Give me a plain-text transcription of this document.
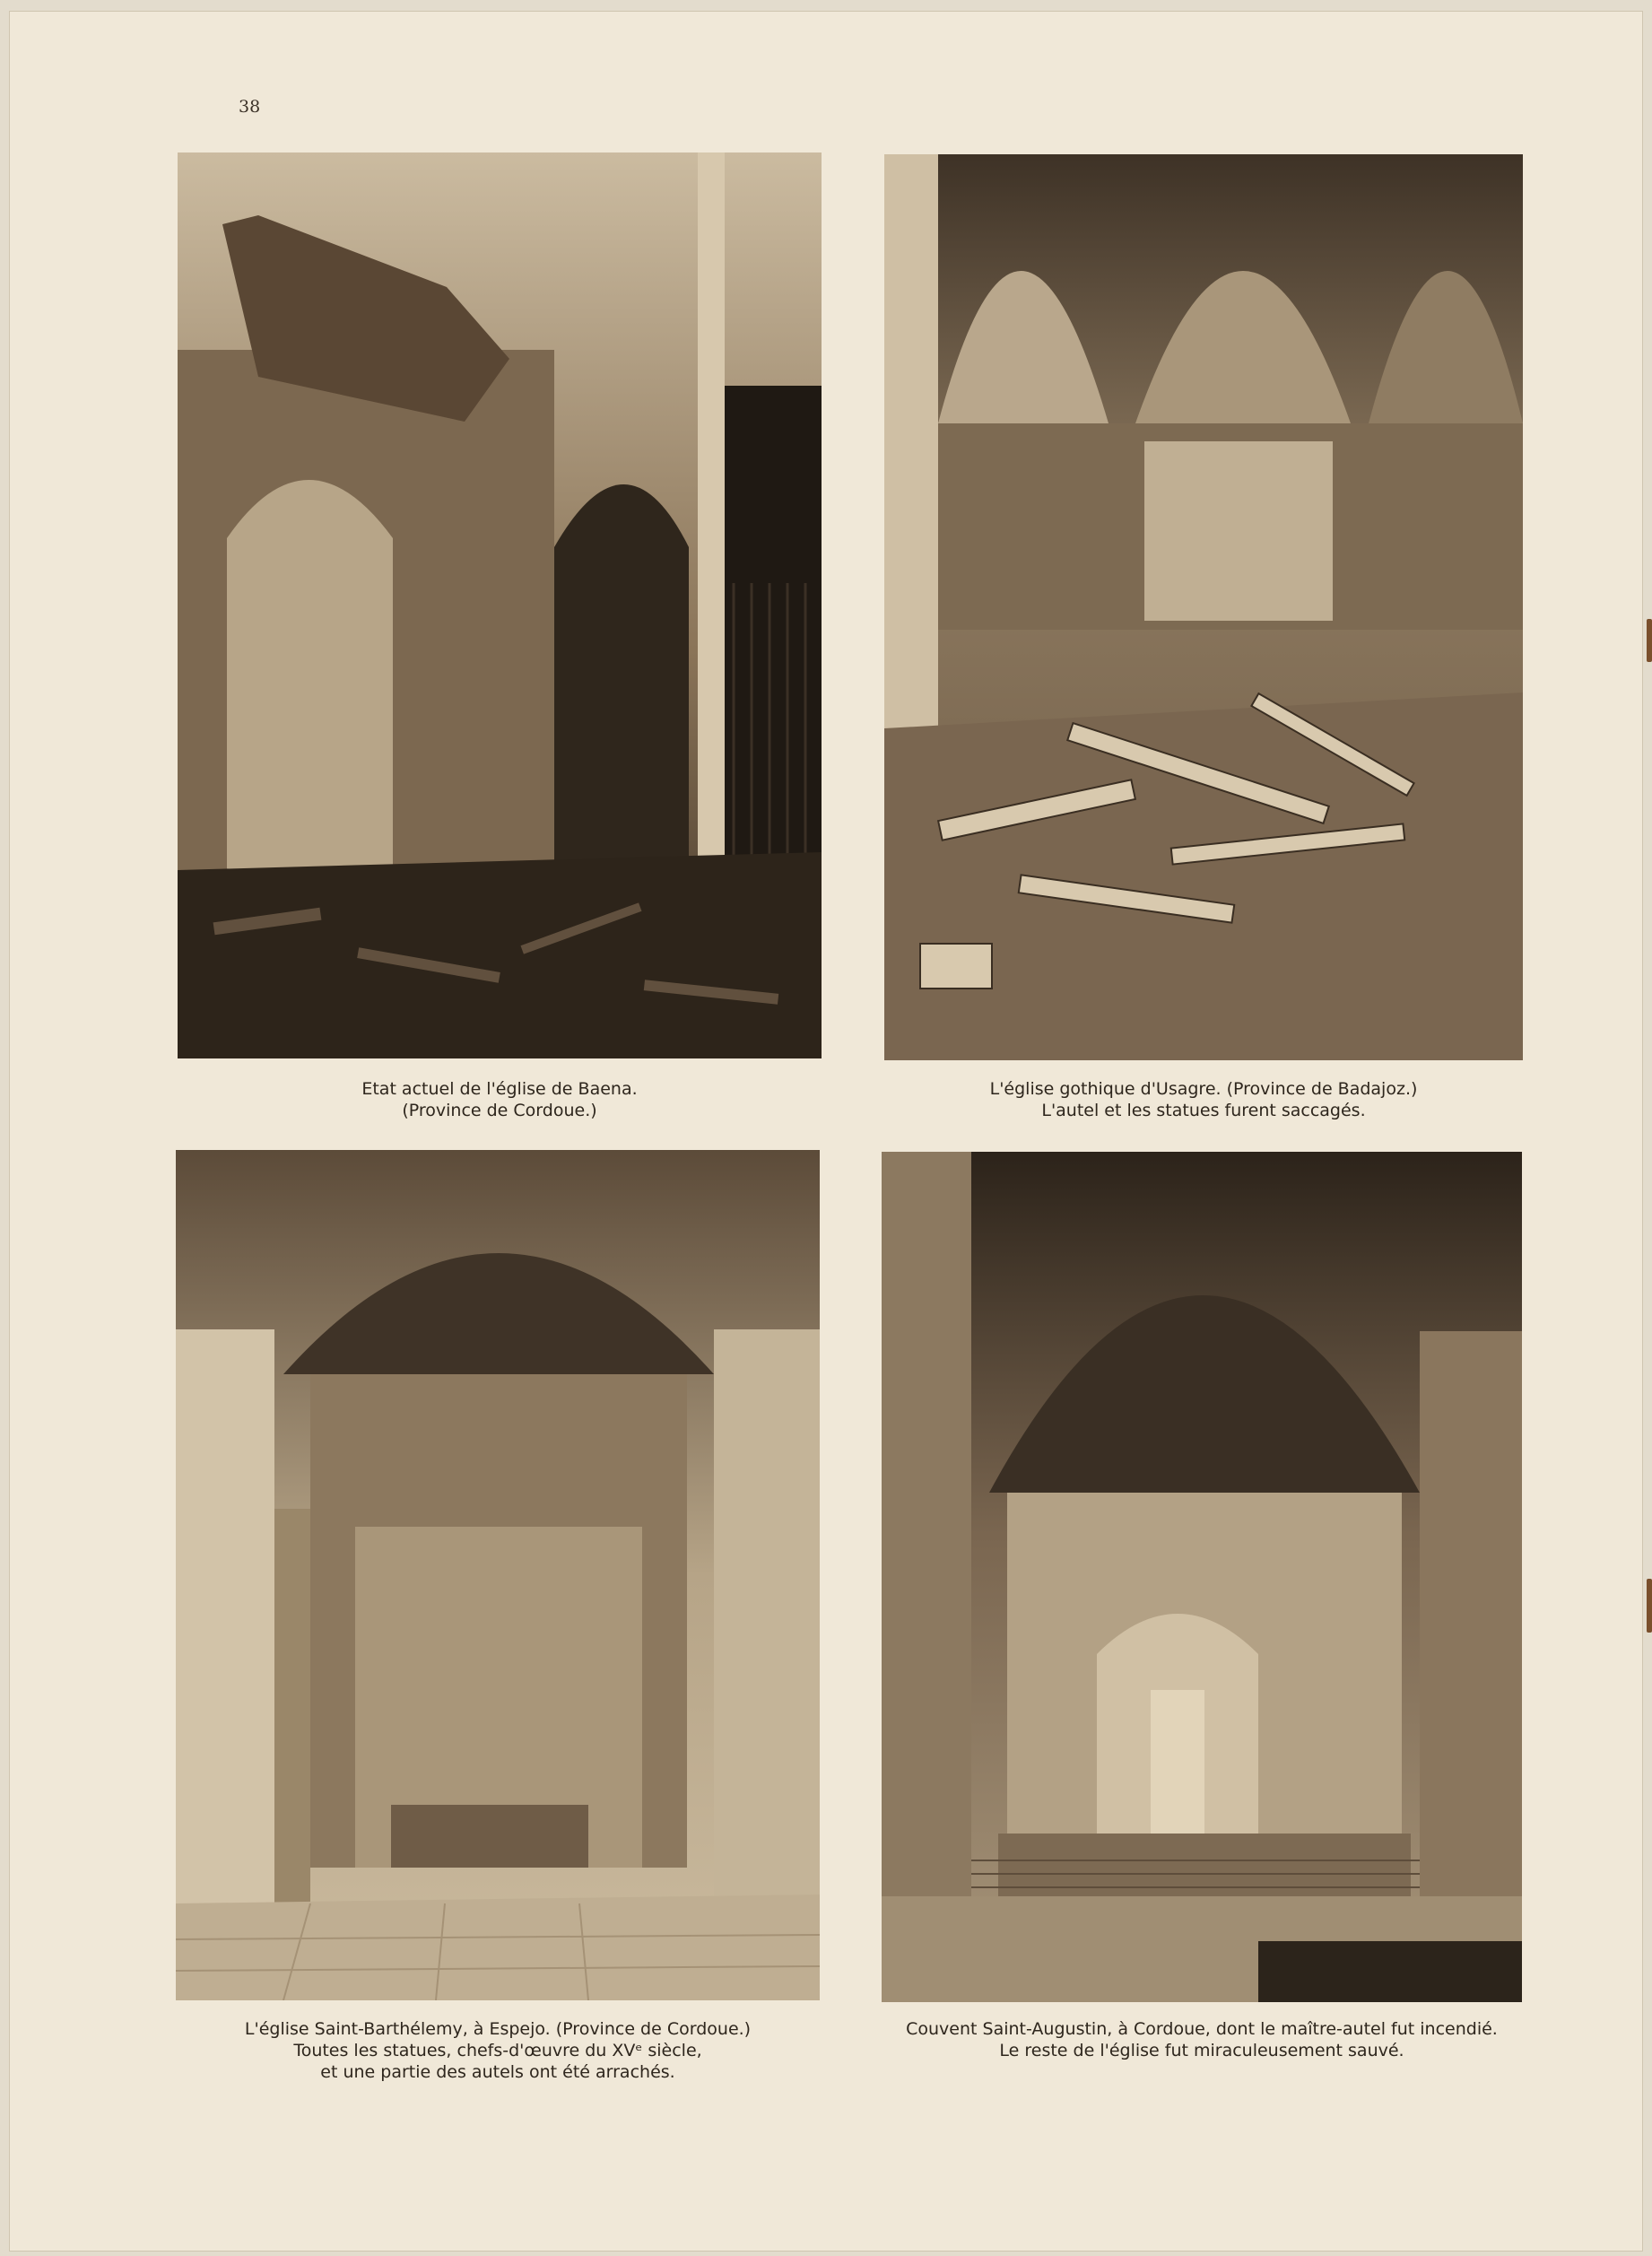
38
Etat actuel de l'église de Baena.
(Province de Cordoue.)
L'église gothique d'Usagre. (Province de Badajoz.)
L'autel et les statues furent saccagés.
L'église Saint-Barthélemy, à Espejo. (Province de Cordoue.)
Toutes les statues, chefs-d'œuvre du XVᵉ siècle,
et une partie des autels ont été arrachés.
Couvent Saint-Augustin, à Cordoue, dont le maître-autel fut incendié.
Le reste de l'église fut miraculeusement sauvé.
